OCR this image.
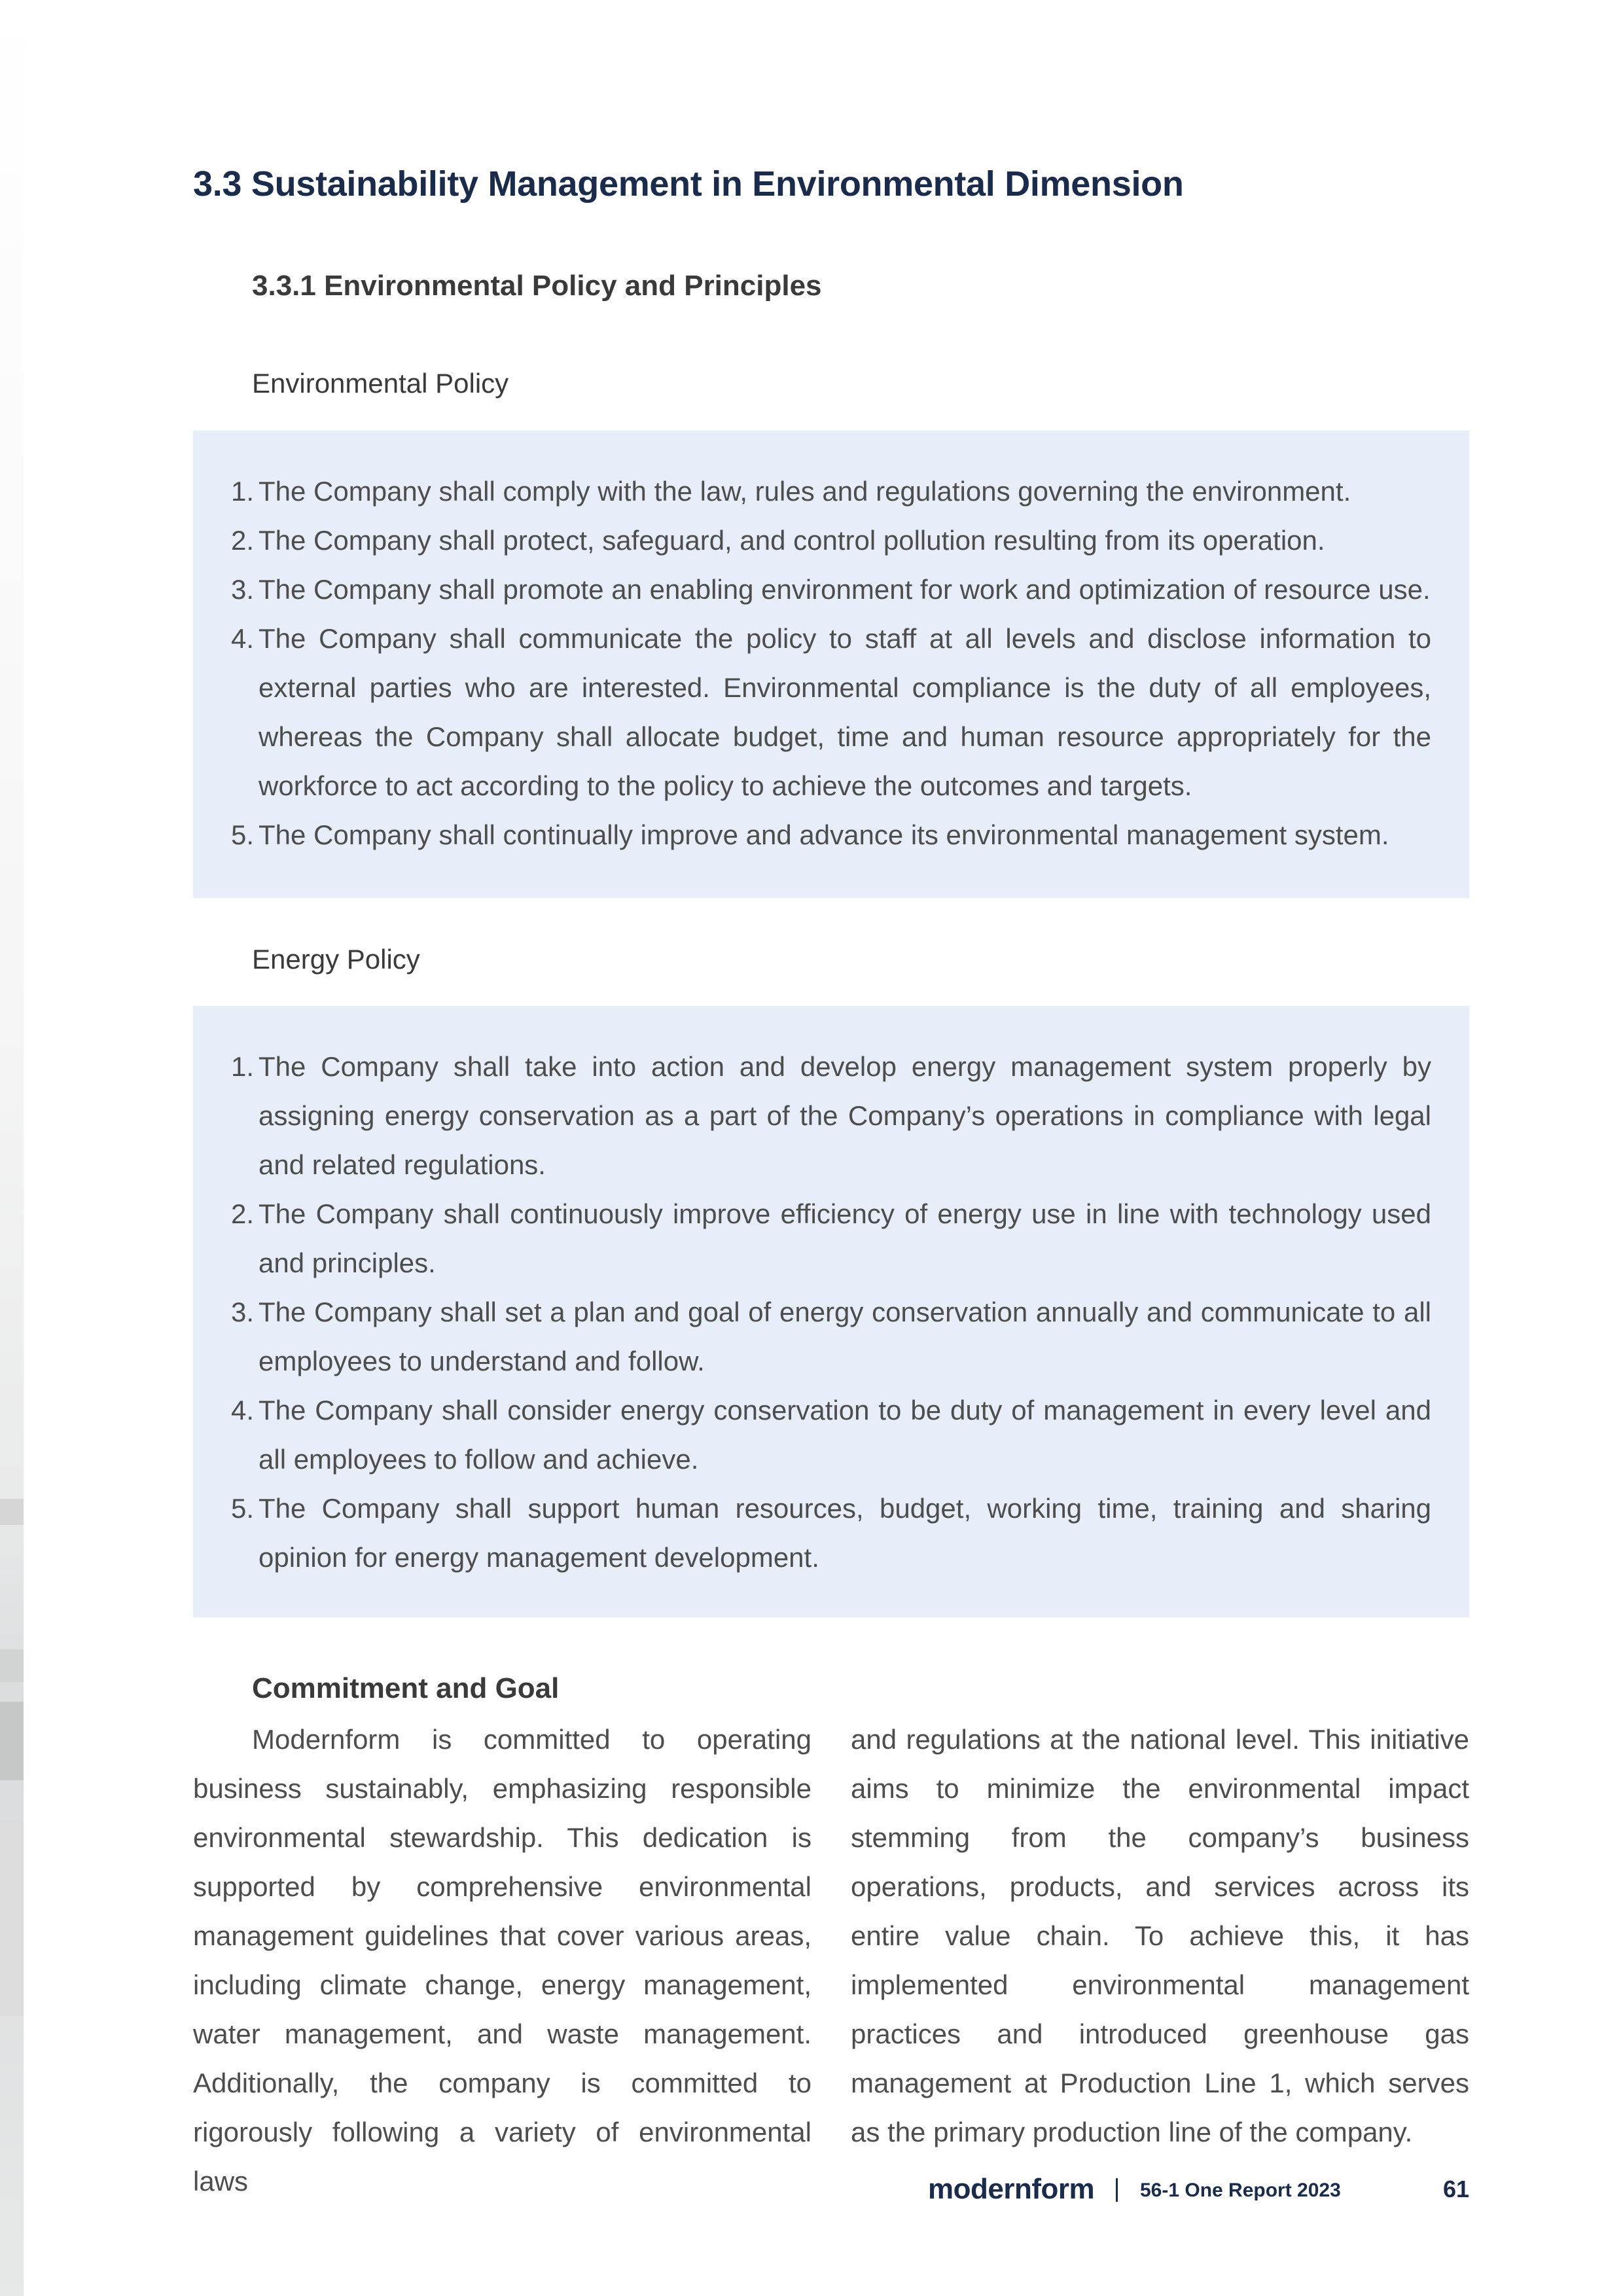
3.3 Sustainability Management in Environmental Dimension
3.3.1 Environmental Policy and Principles
Environmental Policy
1. The Company shall comply with the law, rules and regulations governing the environment.
2. The Company shall protect, safeguard, and control pollution resulting from its operation.
3. The Company shall promote an enabling environment for work and optimization of resource use.
4. The Company shall communicate the policy to staff at all levels and disclose information to external parties who are interested. Environmental compliance is the duty of all employees, whereas the Company shall allocate budget, time and human resource appropriately for the workforce to act according to the policy to achieve the outcomes and targets.
5. The Company shall continually improve and advance its environmental management system.
Energy Policy
1. The Company shall take into action and develop energy management system properly by assigning energy conservation as a part of the Company’s operations in compliance with legal and related regulations.
2. The Company shall continuously improve efficiency of energy use in line with technology used and principles.
3. The Company shall set a plan and goal of energy conservation annually and communicate to all employees to understand and follow.
4. The Company shall consider energy conservation to be duty of management in every level and all employees to follow and achieve.
5. The Company shall support human resources, budget, working time, training and sharing opinion for energy management development.
Commitment and Goal

Modernform is committed to operating business sustainably, emphasizing responsible environmental stewardship. This dedication is supported by comprehensive environmental management guidelines that cover various areas, including climate change, energy management, water management, and waste management. Additionally, the company is committed to rigorously following a variety of environmental laws

and regulations at the national level. This initiative aims to minimize the environmental impact stemming from the company’s business operations, products, and services across its entire value chain. To achieve this, it has implemented environmental management practices and introduced greenhouse gas management at Production Line 1, which serves as the primary production line of the company.

modernform 56-1 One Report 2023	61
